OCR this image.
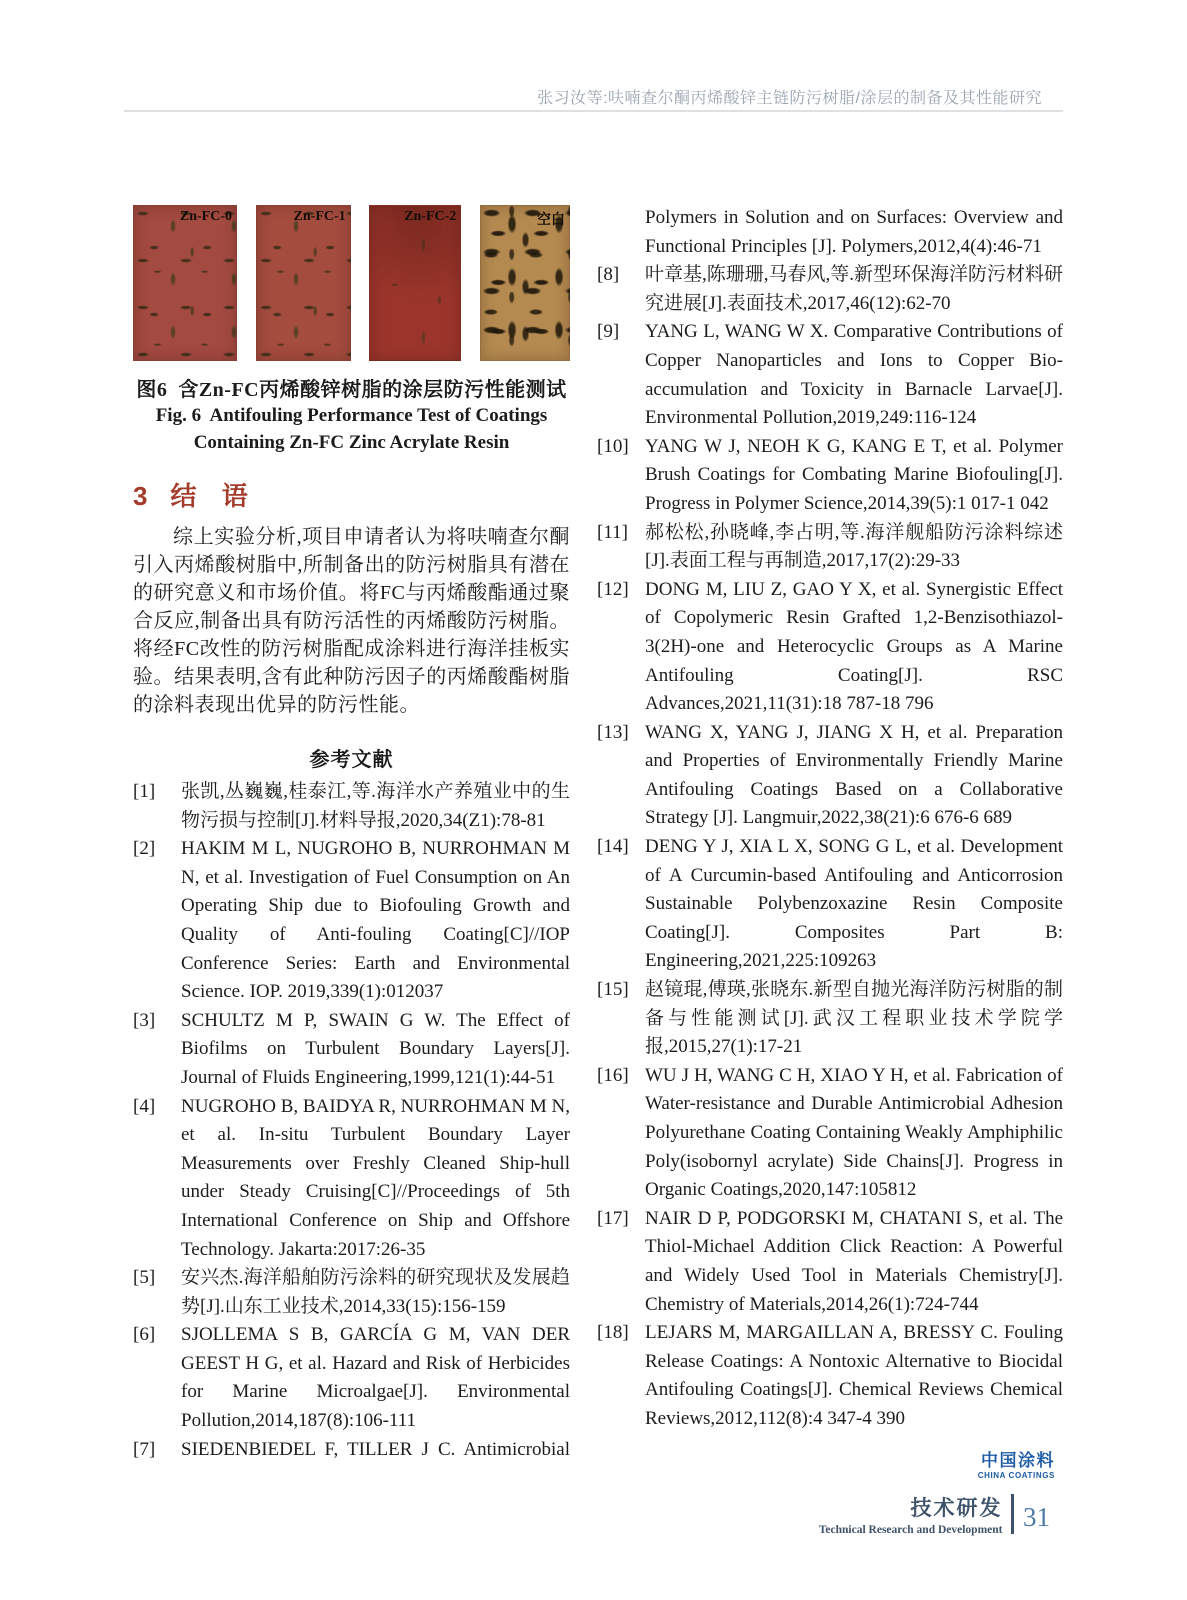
张习汝等:呋喃查尔酮丙烯酸锌主链防污树脂/涂层的制备及其性能研究
Zn-FC-0	Zn-FC-1	Zn-FC-2	空白
图6  含Zn-FC丙烯酸锌树脂的涂层防污性能测试
Fig. 6  Antifouling Performance Test of Coatings
Containing Zn-FC Zinc Acrylate Resin
3 结 语

综上实验分析,项目申请者认为将呋喃查尔酮引入丙烯酸树脂中,所制备出的防污树脂具有潜在的研究意义和市场价值。将FC与丙烯酸酯通过聚合反应,制备出具有防污活性的丙烯酸防污树脂。将经FC改性的防污树脂配成涂料进行海洋挂板实验。结果表明,含有此种防污因子的丙烯酸酯树脂的涂料表现出优异的防污性能。

参考文献
[1] 张凯,丛巍巍,桂泰江,等.海洋水产养殖业中的生物污损与控制[J].材料导报,2020,34(Z1):78-81
[2] HAKIM M L, NUGROHO B, NURROHMAN M N, et al. Investigation of Fuel Consumption on An Operating Ship due to Biofouling Growth and Quality of Anti-fouling Coating[C]//IOP Conference Series: Earth and Environmental Science. IOP. 2019,339(1):012037
[3] SCHULTZ M P, SWAIN G W. The Effect of Biofilms on Turbulent Boundary Layers[J]. Journal of Fluids Engineering,1999,121(1):44-51
[4] NUGROHO B, BAIDYA R, NURROHMAN M N, et al. In-situ Turbulent Boundary Layer Measurements over Freshly Cleaned Ship-hull under Steady Cruising[C]//Proceedings of 5th International Conference on Ship and Offshore Technology. Jakarta:2017:26-35
[5] 安兴杰.海洋船舶防污涂料的研究现状及发展趋势[J].山东工业技术,2014,33(15):156-159
[6] SJOLLEMA S B, GARCÍA G M, VAN DER GEEST H G, et al. Hazard and Risk of Herbicides for Marine Microalgae[J]. Environmental Pollution,2014,187(8):106-111
[7] SIEDENBIEDEL F, TILLER J C. Antimicrobial
Polymers in Solution and on Surfaces: Overview and Functional Principles [J]. Polymers,2012,4(4):46-71
[8] 叶章基,陈珊珊,马春风,等.新型环保海洋防污材料研究进展[J].表面技术,2017,46(12):62-70
[9] YANG L, WANG W X. Comparative Contributions of Copper Nanoparticles and Ions to Copper Bio-accumulation and Toxicity in Barnacle Larvae[J]. Environmental Pollution,2019,249:116-124
[10] YANG W J, NEOH K G, KANG E T, et al. Polymer Brush Coatings for Combating Marine Biofouling[J]. Progress in Polymer Science,2014,39(5):1 017-1 042
[11] 郝松松,孙晓峰,李占明,等.海洋舰船防污涂料综述[J].表面工程与再制造,2017,17(2):29-33
[12] DONG M, LIU Z, GAO Y X, et al. Synergistic Effect of Copolymeric Resin Grafted 1,2-Benzisothiazol-3(2H)-one and Heterocyclic Groups as A Marine Antifouling Coating[J]. RSC Advances,2021,11(31):18 787-18 796
[13] WANG X, YANG J, JIANG X H, et al. Preparation and Properties of Environmentally Friendly Marine Antifouling Coatings Based on a Collaborative Strategy [J]. Langmuir,2022,38(21):6 676-6 689
[14] DENG Y J, XIA L X, SONG G L, et al. Development of A Curcumin-based Antifouling and Anticorrosion Sustainable Polybenzoxazine Resin Composite Coating[J]. Composites Part B: Engineering,2021,225:109263
[15] 赵镜琨,傅瑛,张晓东.新型自抛光海洋防污树脂的制备与性能测试[J].武汉工程职业技术学院学报,2015,27(1):17-21
[16] WU J H, WANG C H, XIAO Y H, et al. Fabrication of Water-resistance and Durable Antimicrobial Adhesion Polyurethane Coating Containing Weakly Amphiphilic Poly(isobornyl acrylate) Side Chains[J]. Progress in Organic Coatings,2020,147:105812
[17] NAIR D P, PODGORSKI M, CHATANI S, et al. The Thiol-Michael Addition Click Reaction: A Powerful and Widely Used Tool in Materials Chemistry[J]. Chemistry of Materials,2014,26(1):724-744
[18] LEJARS M, MARGAILLAN A, BRESSY C. Fouling Release Coatings: A Nontoxic Alternative to Biocidal Antifouling Coatings[J]. Chemical Reviews Chemical Reviews,2012,112(8):4 347-4 390
中国涂料
CHINA COATINGS
技术研发
Technical Research and Development 31
